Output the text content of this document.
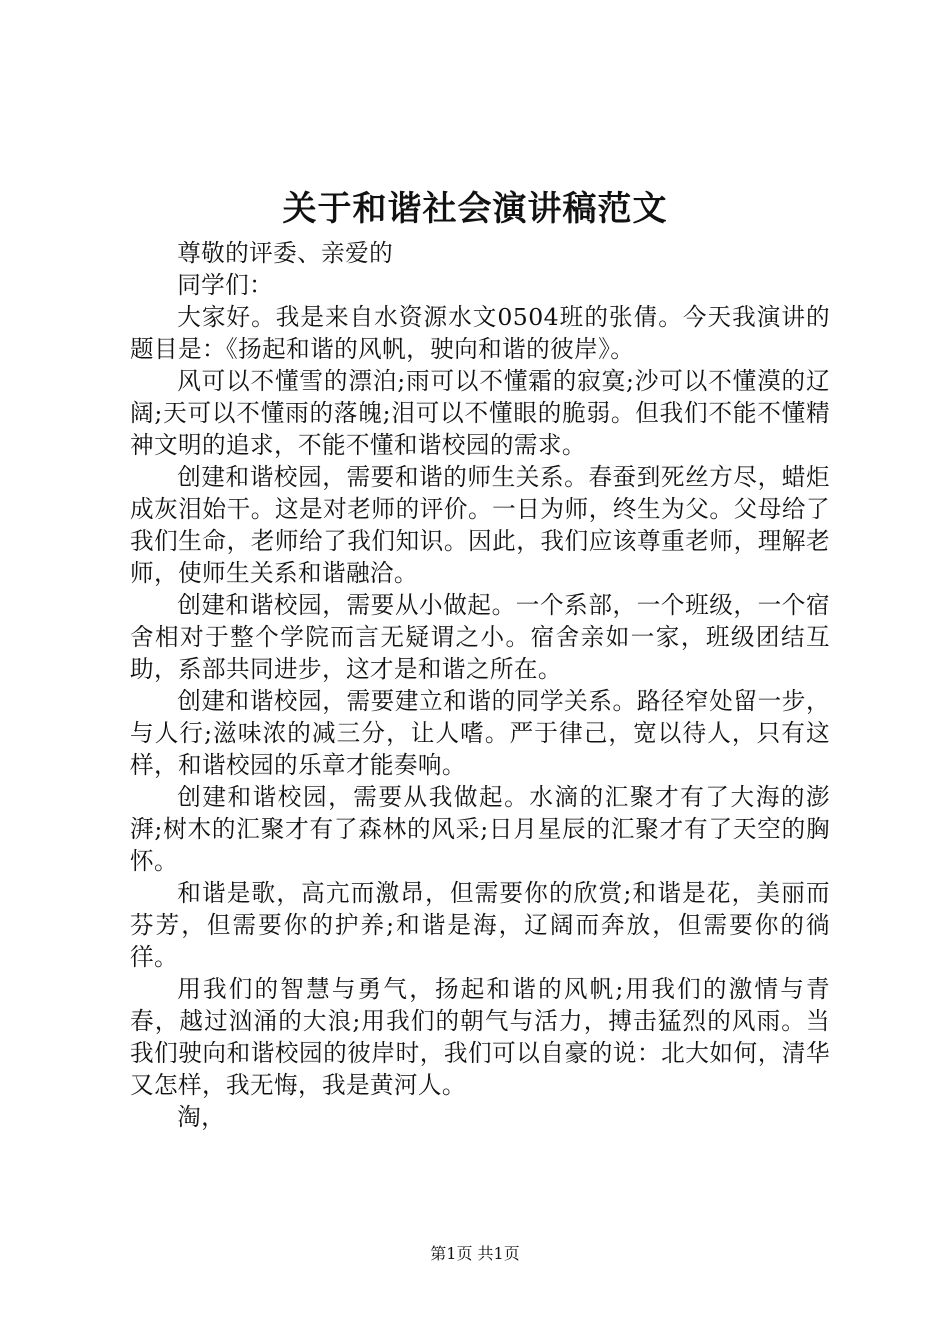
关于和谐社会演讲稿范文

尊敬的评委、亲爱的

同学们：

大家好。我是来自水资源水文0504班的张倩。今天我演讲的题目是：《扬起和谐的风帆，驶向和谐的彼岸》。

风可以不懂雪的漂泊;雨可以不懂霜的寂寞;沙可以不懂漠的辽阔;天可以不懂雨的落魄;泪可以不懂眼的脆弱。但我们不能不懂精神文明的追求，不能不懂和谐校园的需求。

创建和谐校园，需要和谐的师生关系。春蚕到死丝方尽，蜡炬成灰泪始干。这是对老师的评价。一日为师，终生为父。父母给了我们生命，老师给了我们知识。因此，我们应该尊重老师，理解老师，使师生关系和谐融洽。

创建和谐校园，需要从小做起。一个系部，一个班级，一个宿舍相对于整个学院而言无疑谓之小。宿舍亲如一家，班级团结互助，系部共同进步，这才是和谐之所在。

创建和谐校园，需要建立和谐的同学关系。路径窄处留一步，与人行;滋味浓的减三分，让人嗜。严于律己，宽以待人，只有这样，和谐校园的乐章才能奏响。

创建和谐校园，需要从我做起。水滴的汇聚才有了大海的澎湃;树木的汇聚才有了森林的风采;日月星辰的汇聚才有了天空的胸怀。

和谐是歌，高亢而激昂，但需要你的欣赏;和谐是花，美丽而芬芳，但需要你的护养;和谐是海，辽阔而奔放，但需要你的徜徉。

用我们的智慧与勇气，扬起和谐的风帆;用我们的激情与青春，越过汹涌的大浪;用我们的朝气与活力，搏击猛烈的风雨。当我们驶向和谐校园的彼岸时，我们可以自豪的说：北大如何，清华又怎样，我无悔，我是黄河人。

淘，

第1页 共1页
